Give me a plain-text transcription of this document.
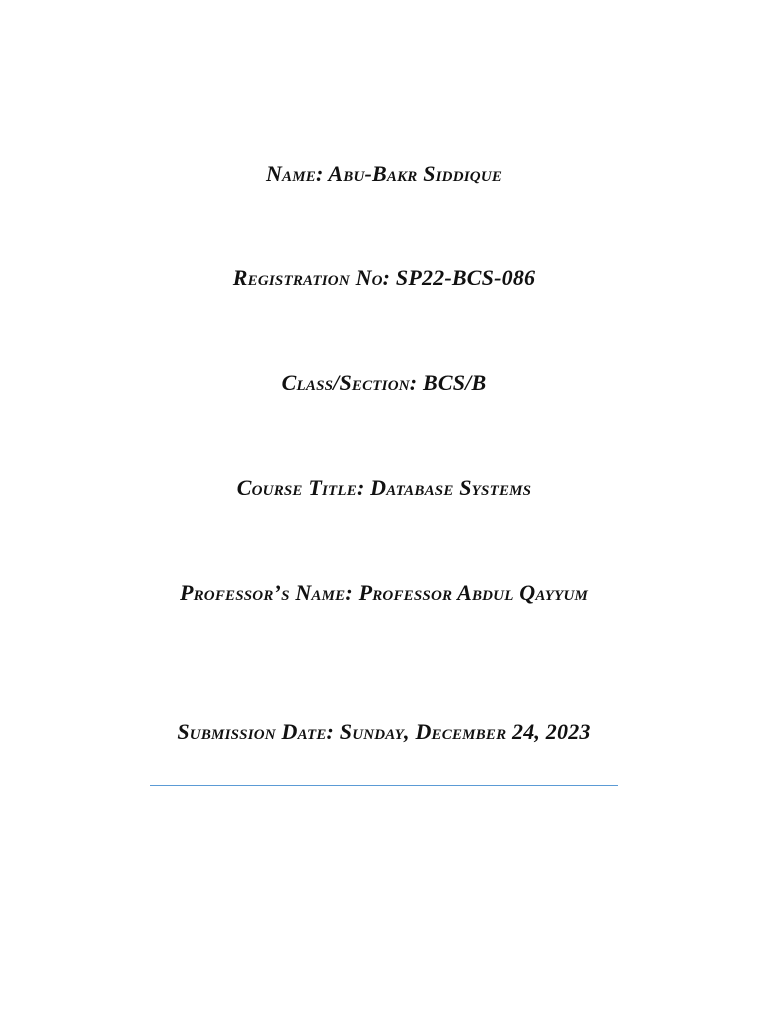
Name: Abu-Bakr Siddique
Registration No: SP22-BCS-086
Class/Section: BCS/B
Course Title: Database Systems
Professor’s Name: Professor Abdul Qayyum
Submission Date: Sunday, December 24, 2023
